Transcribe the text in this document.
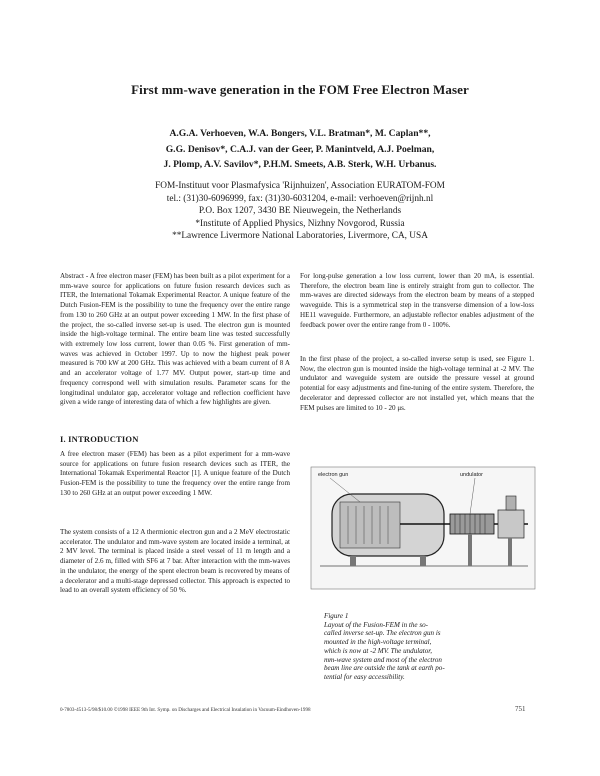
First mm-wave generation in the FOM Free Electron Maser
A.G.A. Verhoeven, W.A. Bongers, V.L. Bratman*, M. Caplan**,
G.G. Denisov*, C.A.J. van der Geer, P. Manintveld, A.J. Poelman,
J. Plomp, A.V. Savilov*, P.H.M. Smeets, A.B. Sterk, W.H. Urbanus.
FOM-Instituut voor Plasmafysica 'Rijnhuizen', Association EURATOM-FOM
tel.: (31)30-6096999, fax: (31)30-6031204, e-mail: verhoeven@rijnh.nl
P.O. Box 1207, 3430 BE Nieuwegein, the Netherlands
*Institute of Applied Physics, Nizhny Novgorod, Russia
**Lawrence Livermore National Laboratories, Livermore, CA, USA

Abstract - A free electron maser (FEM) has been built as a pilot experiment for a mm-wave source for applications on future fusion research devices such as ITER, the International Tokamak Experimental Reactor. A unique feature of the Dutch Fusion-FEM is the possibility to tune the frequency over the entire range from 130 to 260 GHz at an output power exceeding 1 MW. In the first phase of the project, the so-called inverse set-up is used. The electron gun is mounted inside the high-voltage terminal. The entire beam line was tested successfully with extremely low loss current, lower than 0.05 %. First generation of mm-waves was achieved in October 1997. Up to now the highest peak power measured is 700 kW at 200 GHz. This was achieved with a beam current of 8 A and an accelerator voltage of 1.77 MV. Output power, start-up time and frequency correspond well with simulation results. Parameter scans for the longitudinal undulator gap, accelerator voltage and reflection coefficient have given a wide range of interesting data of which a few highlights are given.

I. INTRODUCTION

A free electron maser (FEM) has been as a pilot experiment for a mm-wave source for applications on future fusion research devices such as ITER, the International Tokamak Experimental Reactor [1]. A unique feature of the Dutch Fusion-FEM is the possibility to tune the frequency over the entire range from 130 to 260 GHz at an output power exceeding 1 MW.

The system consists of a 12 A thermionic electron gun and a 2 MeV electrostatic accelerator. The undulator and mm-wave system are located inside a terminal, at 2 MV level. The terminal is placed inside a steel vessel of 11 m length and a diameter of 2.6 m, filled with SF6 at 7 bar. After interaction with the mm-waves in the undulator, the energy of the spent electron beam is recovered by means of a decelerator and a multi-stage depressed collector. This approach is expected to lead to an overall system efficiency of 50 %.

For long-pulse generation a low loss current, lower than 20 mA, is essential. Therefore, the electron beam line is entirely straight from gun to collector. The mm-waves are directed sideways from the electron beam by means of a stepped waveguide. This is a symmetrical step in the transverse dimension of a low-loss HE11 waveguide. Furthermore, an adjustable reflector enables adjustment of the feedback power over the entire range from 0 - 100%.

In the first phase of the project, a so-called inverse setup is used, see Figure 1. Now, the electron gun is mounted inside the high-voltage terminal at -2 MV. The undulator and waveguide system are outside the pressure vessel at ground potential for easy adjustments and fine-tuning of the entire system. Therefore, the decelerator and depressed collector are not installed yet, which means that the FEM pulses are limited to 10 - 20 μs.

electron gun	undulator
Figure 1
Layout of the Fusion-FEM in the so-
called inverse set-up. The electron gun is
mounted in the high-voltage terminal,
which is now at -2 MV. The undulator,
mm-wave system and most of the electron
beam line are outside the tank at earth po-
tential for easy accessibility.
0-7803-4513-5/98/$10.00 ©1998 IEEE 9th Int. Symp. on Discharges and Electrical Insulation in Vacuum-Eindhoven-1998	751
